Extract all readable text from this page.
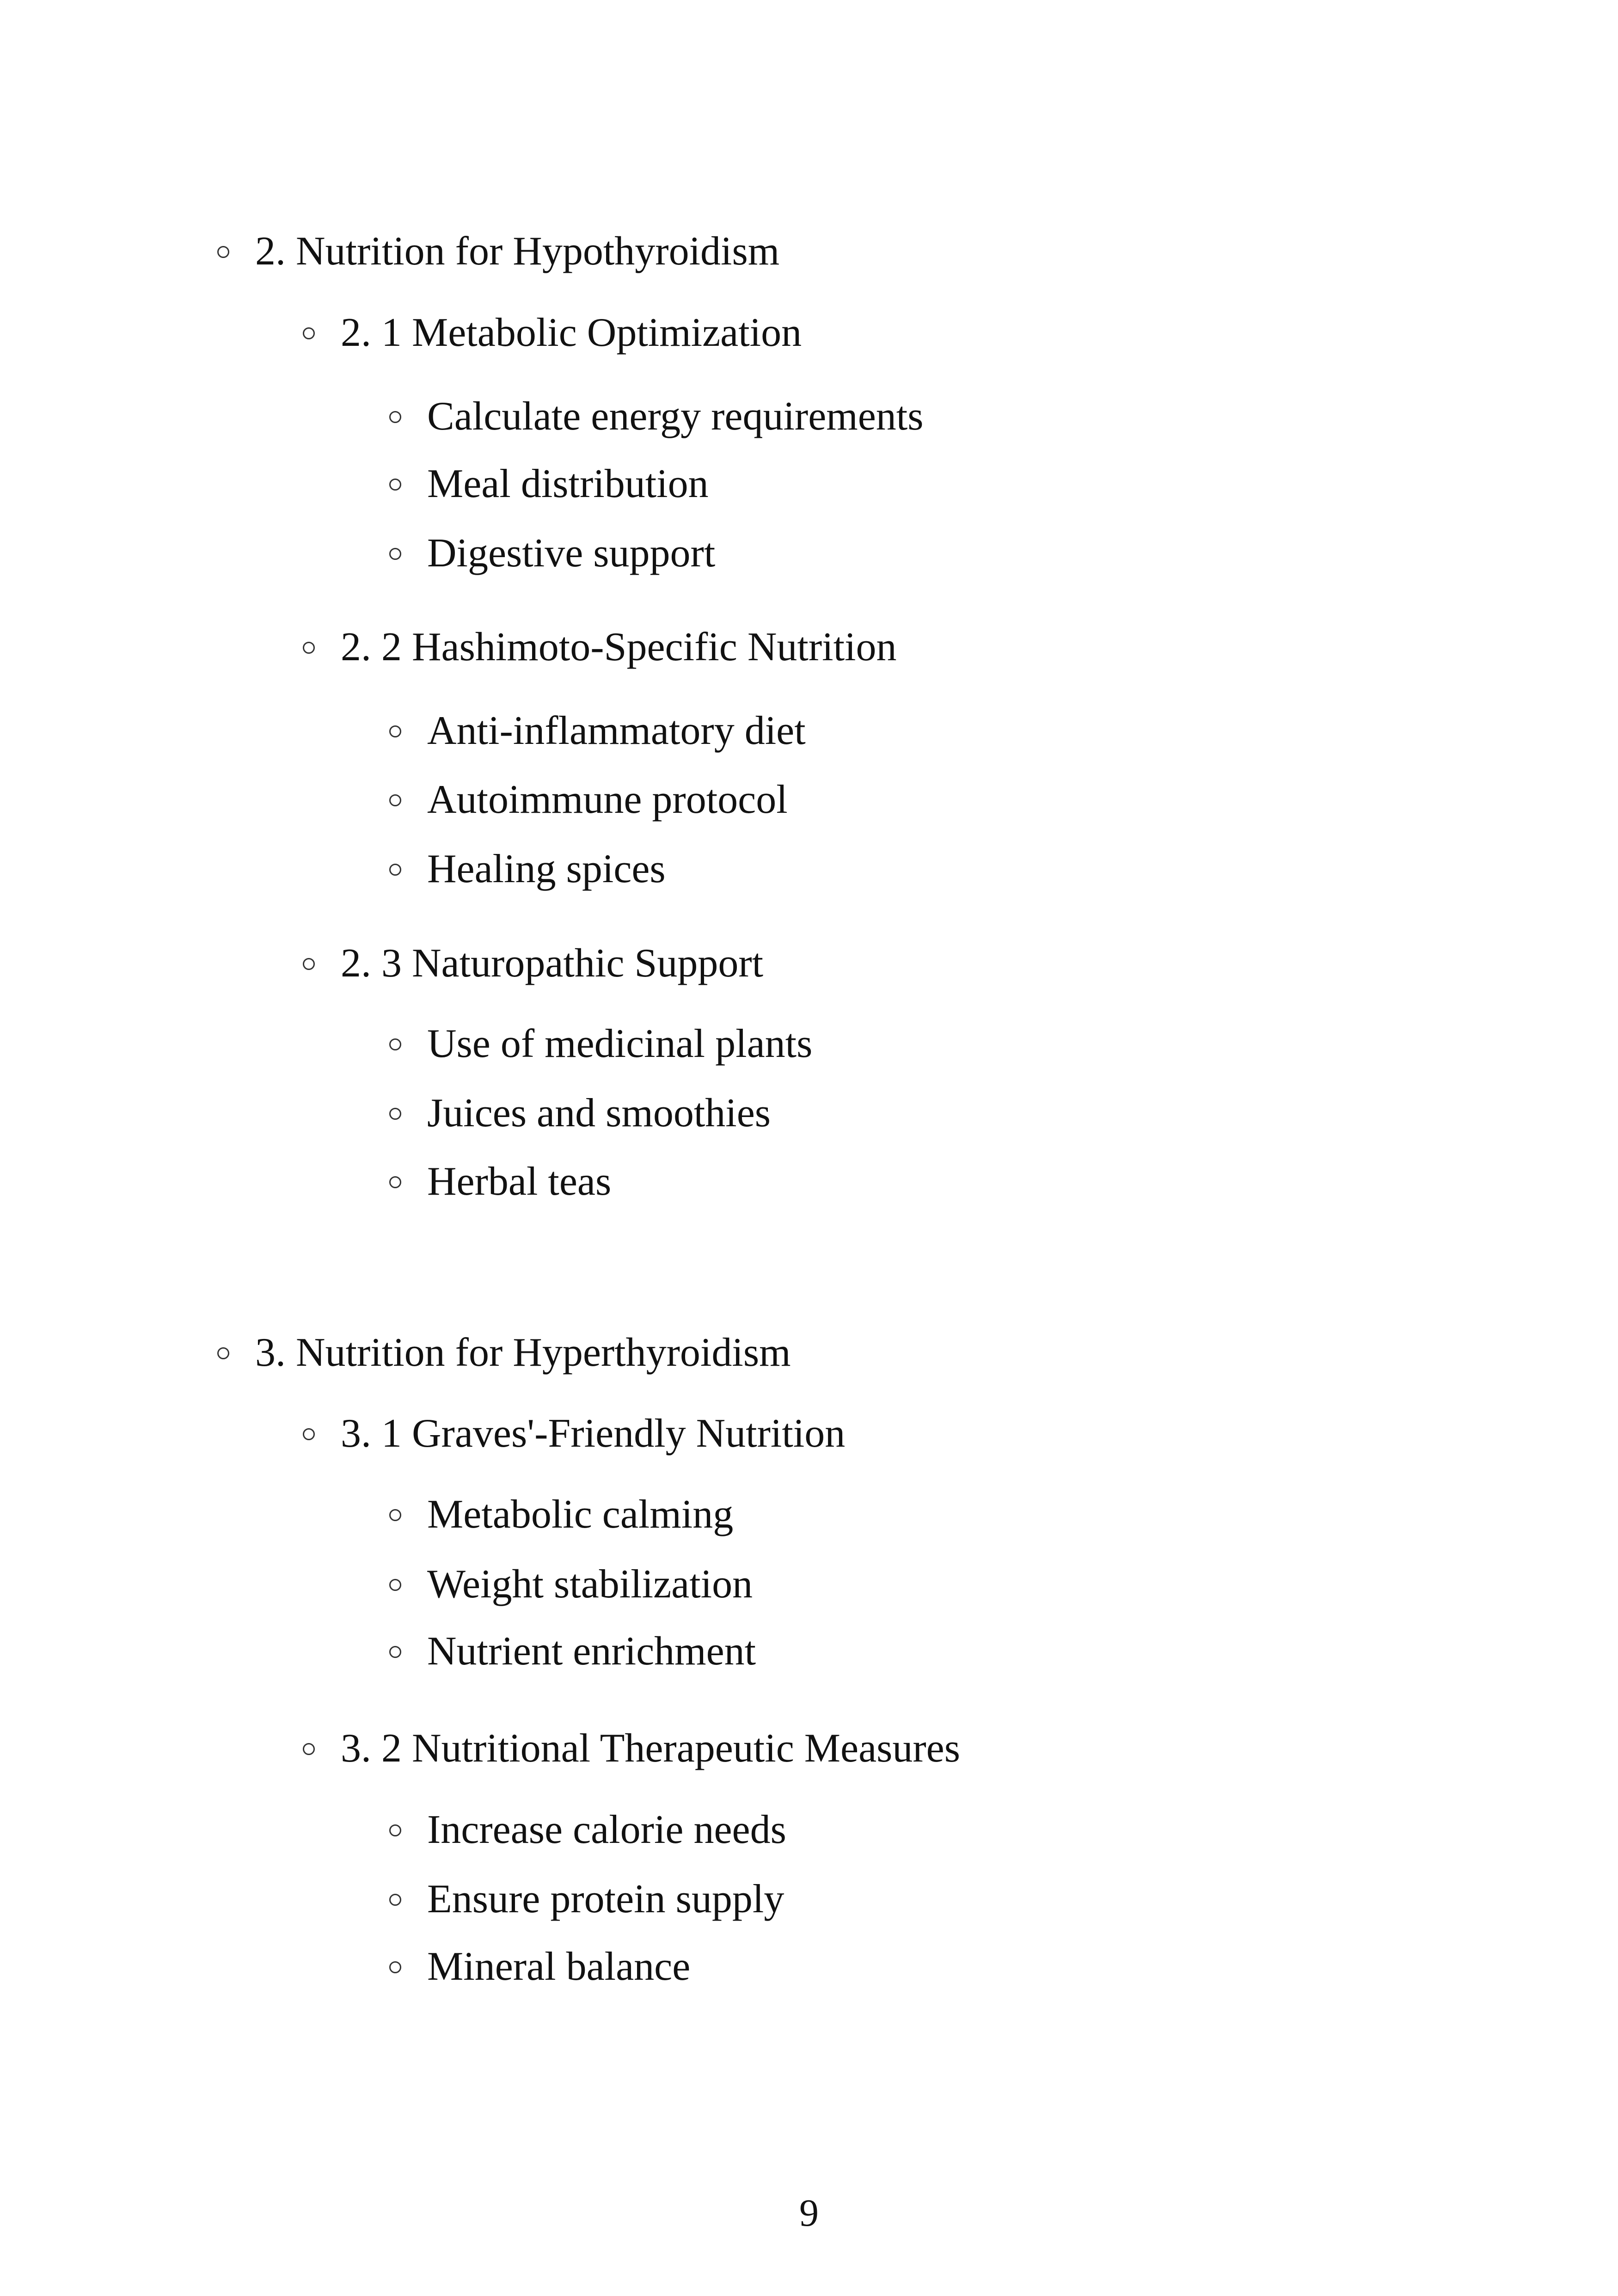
2. Nutrition for Hypothyroidism
2. 1 Metabolic Optimization
Calculate energy requirements
Meal distribution
Digestive support
2. 2 Hashimoto-Specific Nutrition
Anti-inflammatory diet
Autoimmune protocol
Healing spices
2. 3 Naturopathic Support
Use of medicinal plants
Juices and smoothies
Herbal teas
3. Nutrition for Hyperthyroidism
3. 1 Graves'-Friendly Nutrition
Metabolic calming
Weight stabilization
Nutrient enrichment
3. 2 Nutritional Therapeutic Measures
Increase calorie needs
Ensure protein supply
Mineral balance
9
